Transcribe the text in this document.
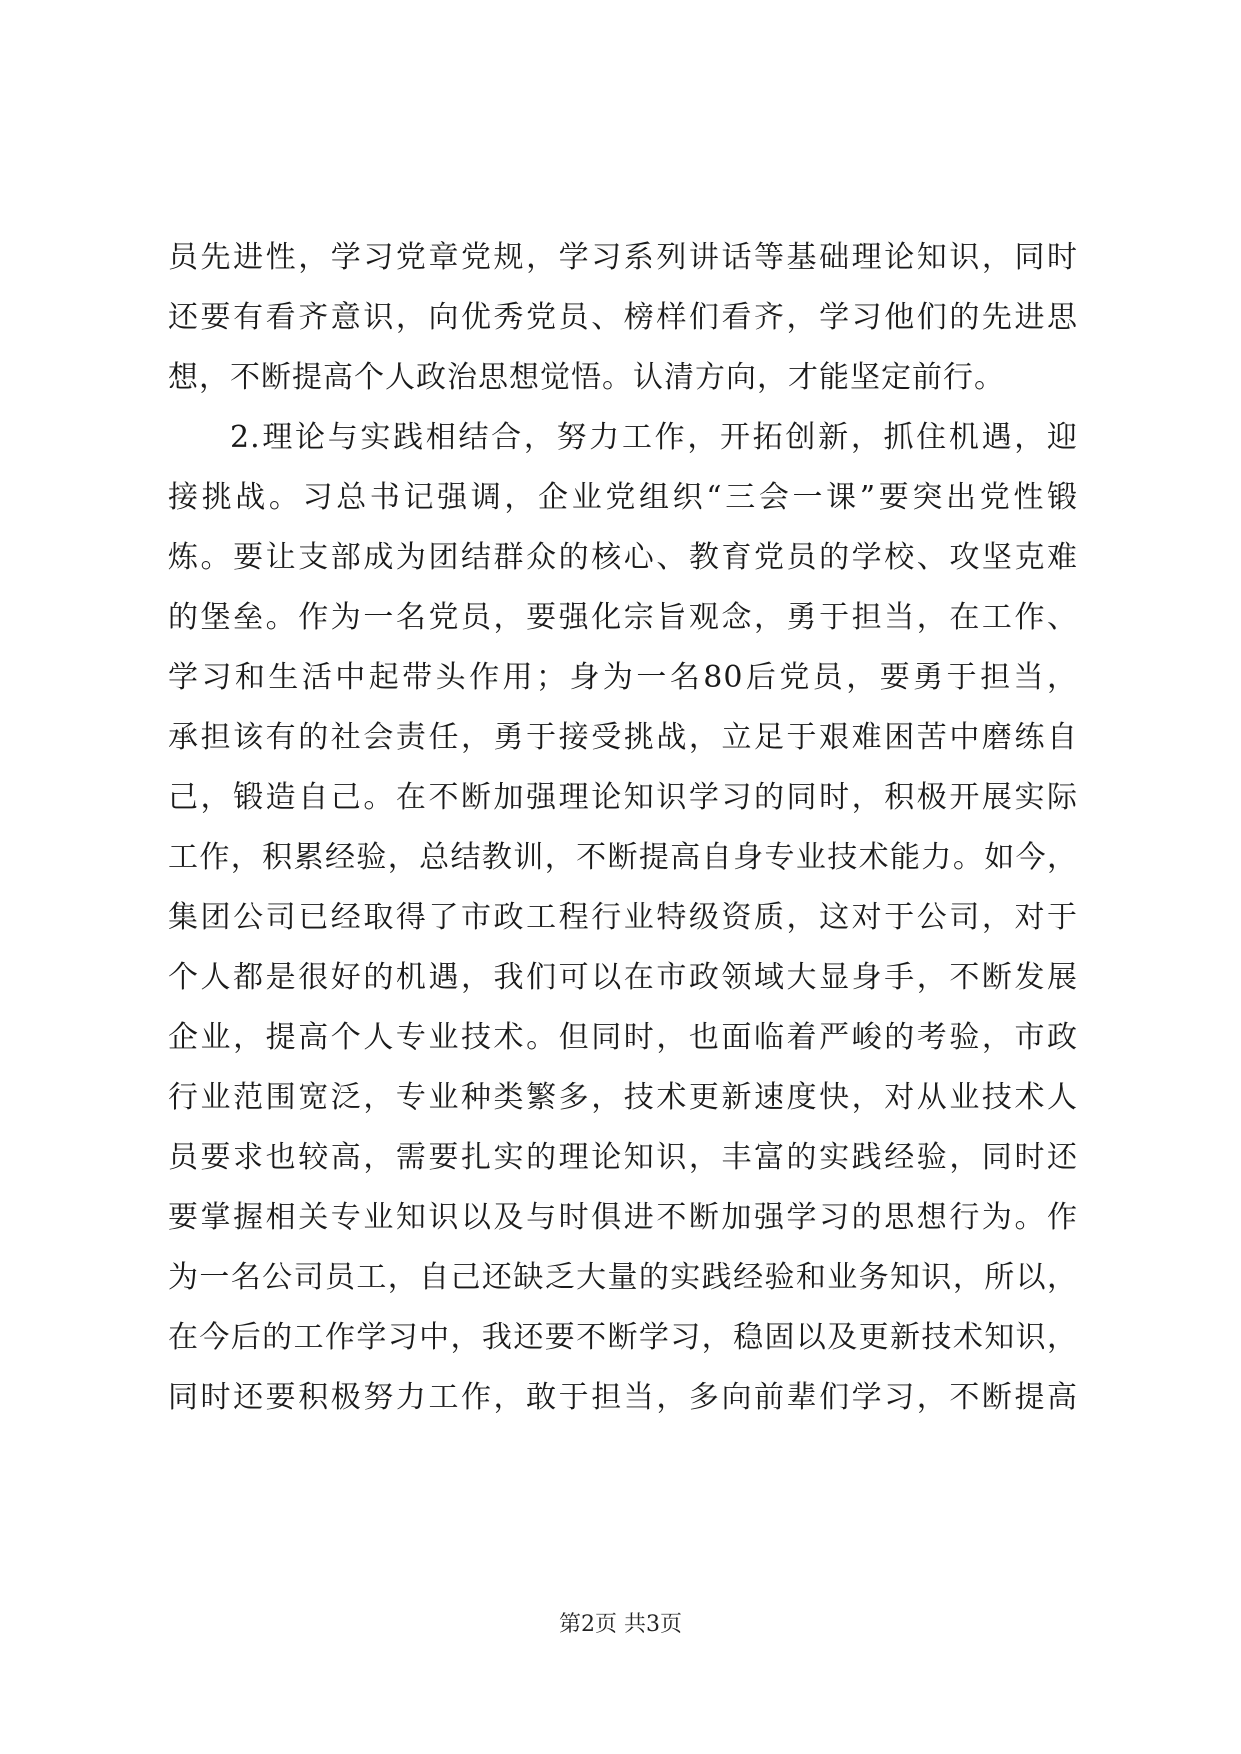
员先进性，学习党章党规，学习系列讲话等基础理论知识，同时
还要有看齐意识，向优秀党员、榜样们看齐，学习他们的先进思
想，不断提高个人政治思想觉悟。认清方向，才能坚定前行。

2.理论与实践相结合，努力工作，开拓创新，抓住机遇，迎
接挑战。习总书记强调，企业党组织“三会一课”要突出党性锻
炼。要让支部成为团结群众的核心、教育党员的学校、攻坚克难
的堡垒。作为一名党员，要强化宗旨观念，勇于担当，在工作、
学习和生活中起带头作用；身为一名80后党员，要勇于担当，
承担该有的社会责任，勇于接受挑战，立足于艰难困苦中磨练自
己，锻造自己。在不断加强理论知识学习的同时，积极开展实际
工作，积累经验，总结教训，不断提高自身专业技术能力。如今，
集团公司已经取得了市政工程行业特级资质，这对于公司，对于
个人都是很好的机遇，我们可以在市政领域大显身手，不断发展
企业，提高个人专业技术。但同时，也面临着严峻的考验，市政
行业范围宽泛，专业种类繁多，技术更新速度快，对从业技术人
员要求也较高，需要扎实的理论知识，丰富的实践经验，同时还
要掌握相关专业知识以及与时俱进不断加强学习的思想行为。作
为一名公司员工，自己还缺乏大量的实践经验和业务知识，所以，
在今后的工作学习中，我还要不断学习，稳固以及更新技术知识，
同时还要积极努力工作，敢于担当，多向前辈们学习，不断提高

第2页 共3页
